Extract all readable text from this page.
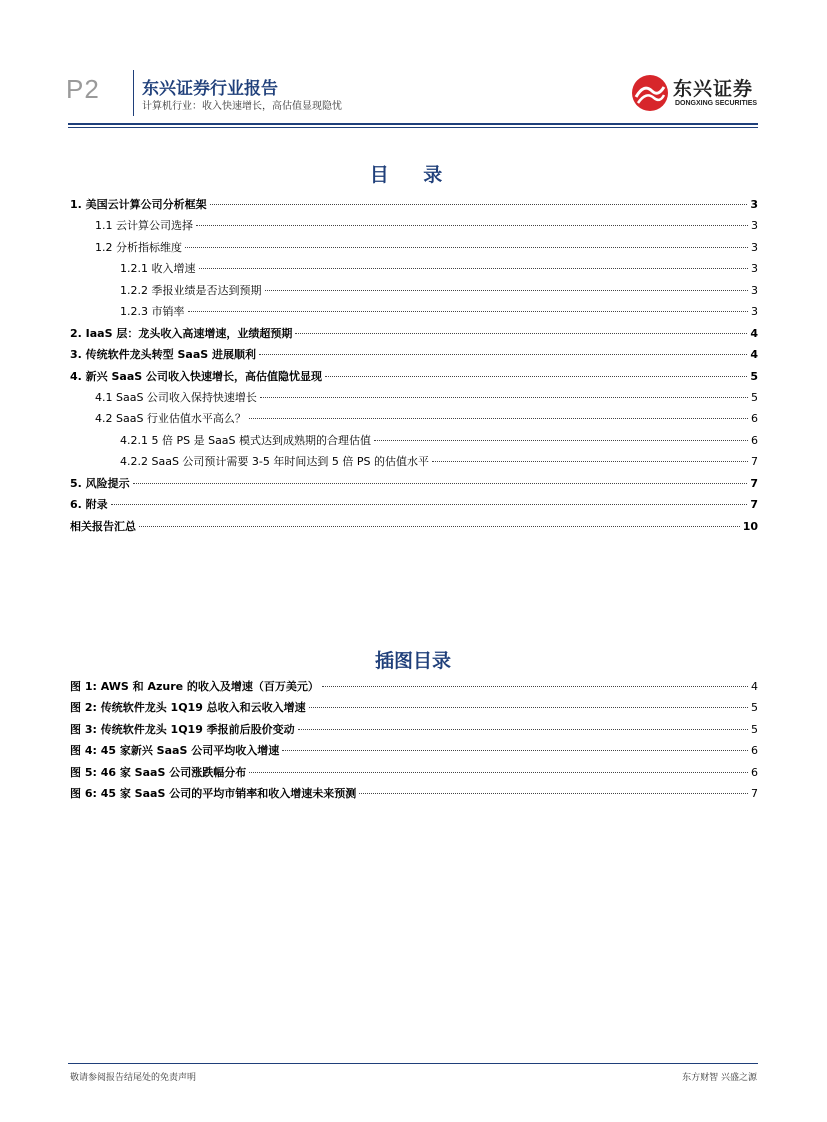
P2 东兴证券行业报告
计算机行业：收入快速增长，高估值显现隐忧
东兴证券
DONGXING SECURITIES
目 录
1. 美国云计算公司分析框架	3
1.1 云计算公司选择	3
1.2 分析指标维度	3
1.2.1 收入增速	3
1.2.2 季报业绩是否达到预期	3
1.2.3 市销率	3
2. IaaS 层：龙头收入高速增速，业绩超预期	4
3. 传统软件龙头转型 SaaS 进展顺利	4
4. 新兴 SaaS 公司收入快速增长，高估值隐忧显现	5
4.1 SaaS 公司收入保持快速增长	5
4.2 SaaS 行业估值水平高么？	6
4.2.1 5 倍 PS 是 SaaS 模式达到成熟期的合理估值	6
4.2.2 SaaS 公司预计需要 3-5 年时间达到 5 倍 PS 的估值水平	7
5. 风险提示	7
6. 附录	7
相关报告汇总	10
插图目录
图 1: AWS 和 Azure 的收入及增速（百万美元）	4
图 2: 传统软件龙头 1Q19 总收入和云收入增速	5
图 3: 传统软件龙头 1Q19 季报前后股价变动	5
图 4: 45 家新兴 SaaS 公司平均收入增速	6
图 5: 46 家 SaaS 公司涨跌幅分布	6
图 6: 45 家 SaaS 公司的平均市销率和收入增速未来预测	7
敬请参阅报告结尾处的免责声明	东方财智 兴盛之源
